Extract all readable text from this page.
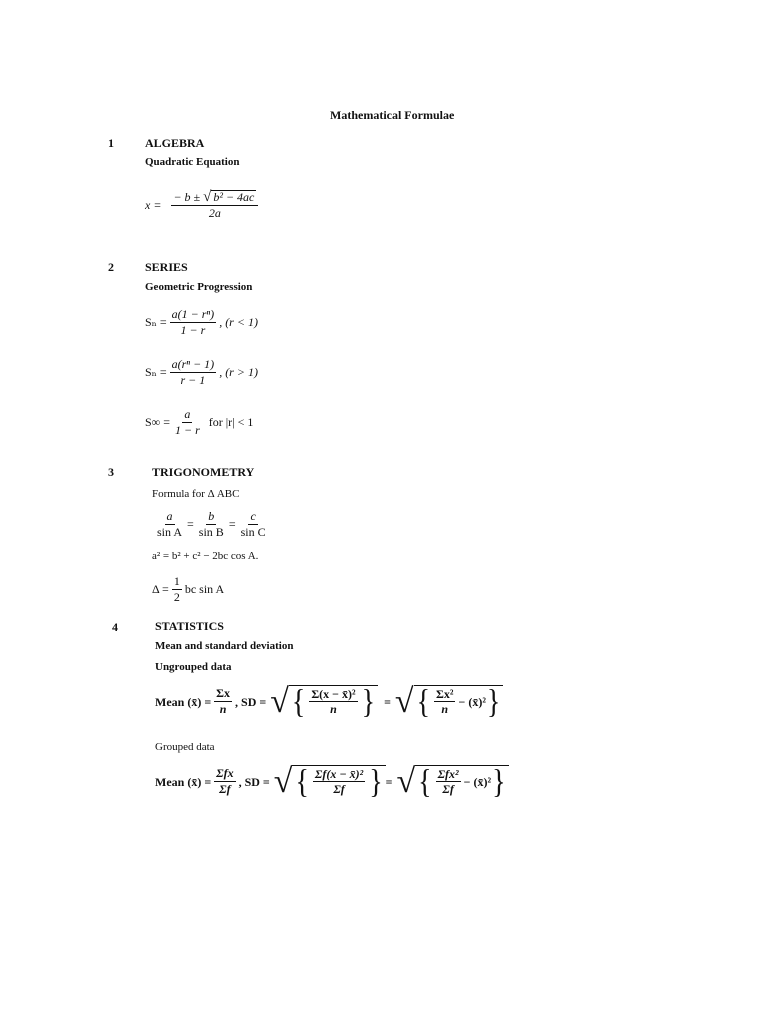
Mathematical Formulae
1	ALGEBRA
Quadratic Equation
$x = \frac{\text{− b ± √ b² − 4ac}}{2a}$
2	SERIES
Geometric Progression
$S_n = \frac{\text{a(1 − rⁿ)}}{1 - r}$ , (r < 1)
$S_n = \frac{\text{a(rⁿ − 1)}}{r - 1}$ , (r > 1)
$S\infty = \frac{a}{1 - r}$ for |r| < 1
3	TRIGONOMETRY
Formula for Δ ABC
$\frac{a}{\text{sin A}} = \frac{b}{\text{sin B}} = \frac{c}{\text{sin C}}$
a² = b² + c² − 2bc cos A.
$\Delta = \frac{1}{2}$ bc sin A
4	STATISTICS
Mean and standard deviation
Ungrouped data
Mean (x̄) = $\frac{\Sigma x}{n}$ , SD = √ { $\frac{\text{Σ(x − x̄)²}}{n}$ } = √ { $\frac{\text{Σx²}}{n}$ − (x̄)² }
Grouped data
Mean (x̄) = $\frac{\text{Σfx}}{\Sigma f}$ , SD = √ { $\frac{\text{Σf(x − x̄)²}}{\Sigma f}$ } = √ { $\frac{\text{Σfx²}}{\Sigma f}$ − (x̄)² }
